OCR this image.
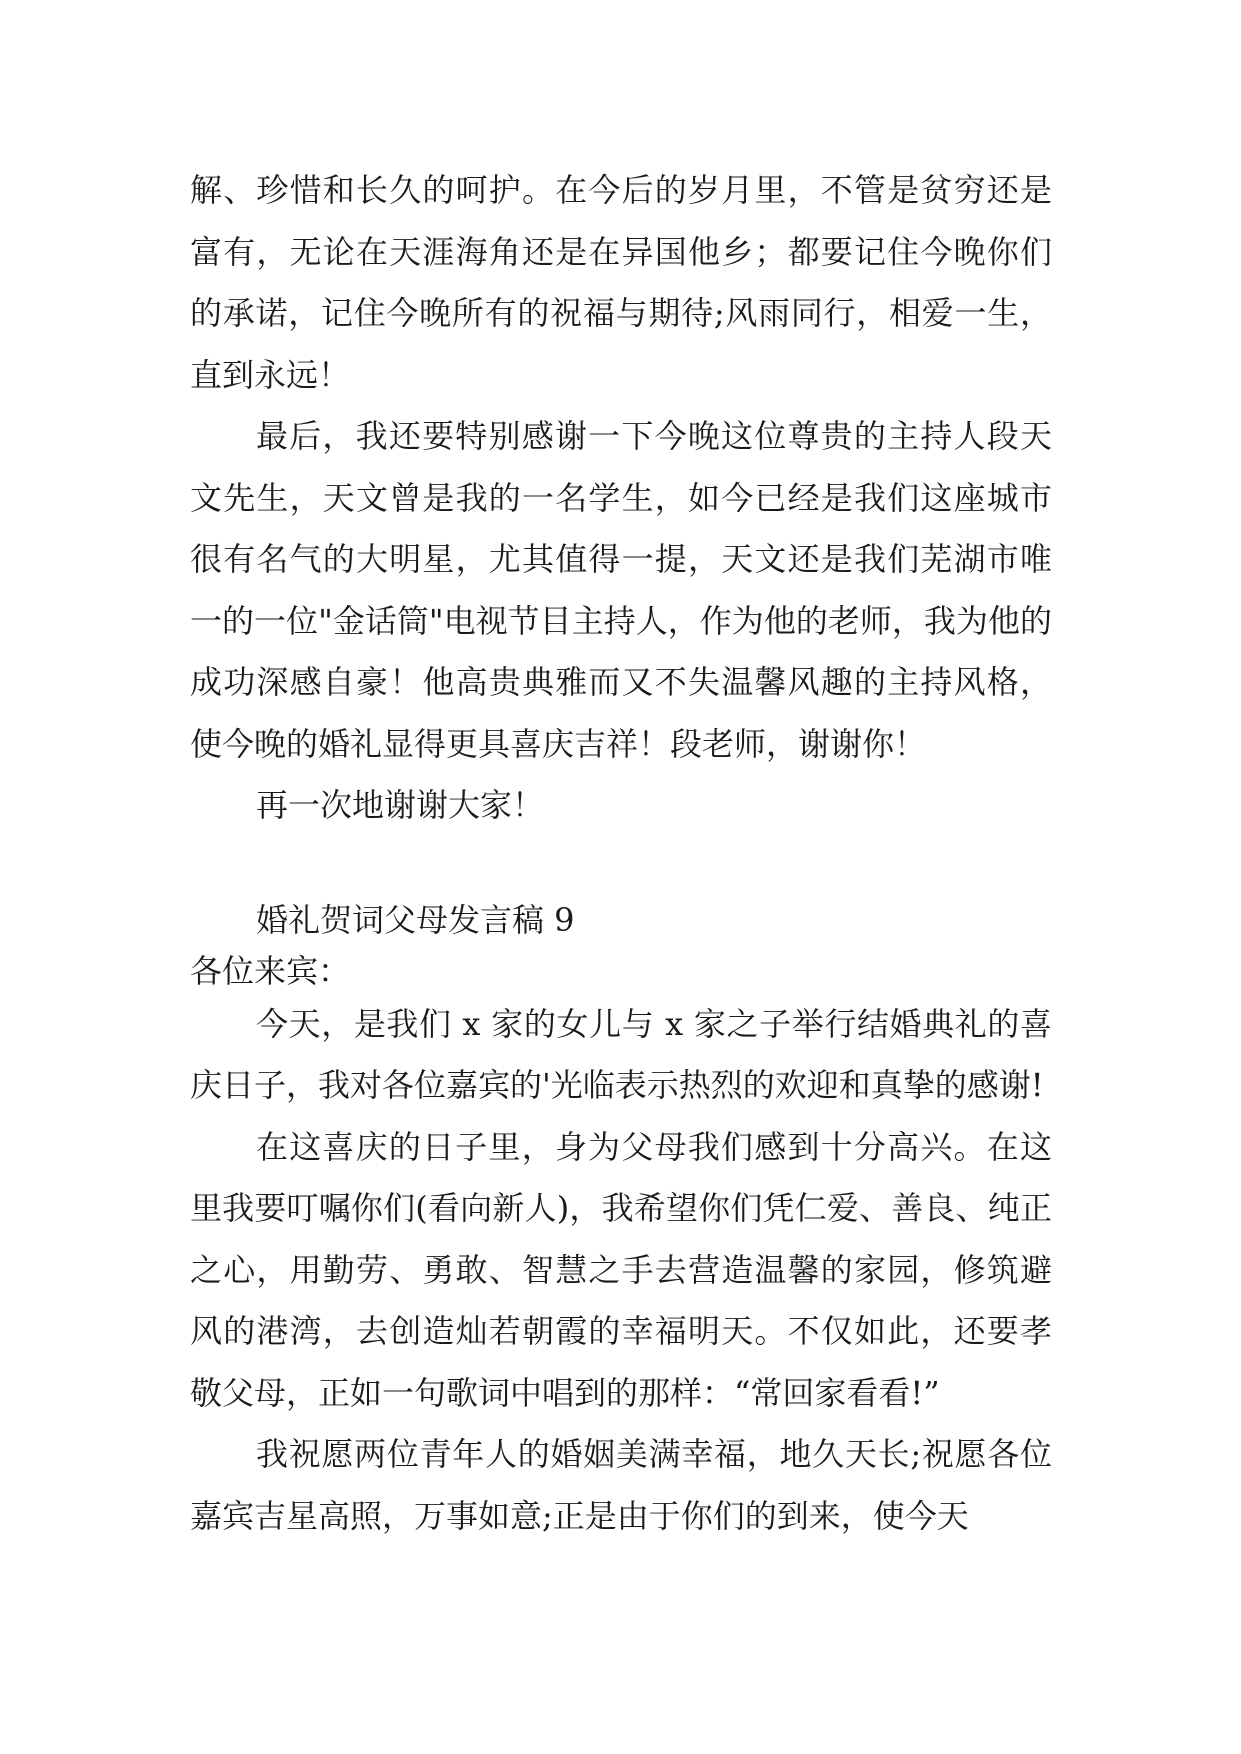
解、珍惜和长久的呵护。在今后的岁月里，不管是贫穷还是富有，无论在天涯海角还是在异国他乡；都要记住今晚你们的承诺，记住今晚所有的祝福与期待;风雨同行，相爱一生，直到永远！

最后，我还要特别感谢一下今晚这位尊贵的主持人段天文先生，天文曾是我的一名学生，如今已经是我们这座城市很有名气的大明星，尤其值得一提，天文还是我们芜湖市唯一的一位"金话筒"电视节目主持人，作为他的老师，我为他的成功深感自豪！他高贵典雅而又不失温馨风趣的主持风格，使今晚的婚礼显得更具喜庆吉祥！段老师，谢谢你！

再一次地谢谢大家！

婚礼贺词父母发言稿 9

各位来宾：

今天，是我们 x 家的女儿与 x 家之子举行结婚典礼的喜庆日子，我对各位嘉宾的'光临表示热烈的欢迎和真挚的感谢!

在这喜庆的日子里，身为父母我们感到十分高兴。在这里我要叮嘱你们(看向新人)，我希望你们凭仁爱、善良、纯正之心，用勤劳、勇敢、智慧之手去营造温馨的家园，修筑避风的港湾，去创造灿若朝霞的幸福明天。不仅如此，还要孝敬父母，正如一句歌词中唱到的那样：“常回家看看!”

我祝愿两位青年人的婚姻美满幸福，地久天长;祝愿各位嘉宾吉星高照，万事如意;正是由于你们的到来，使今天
